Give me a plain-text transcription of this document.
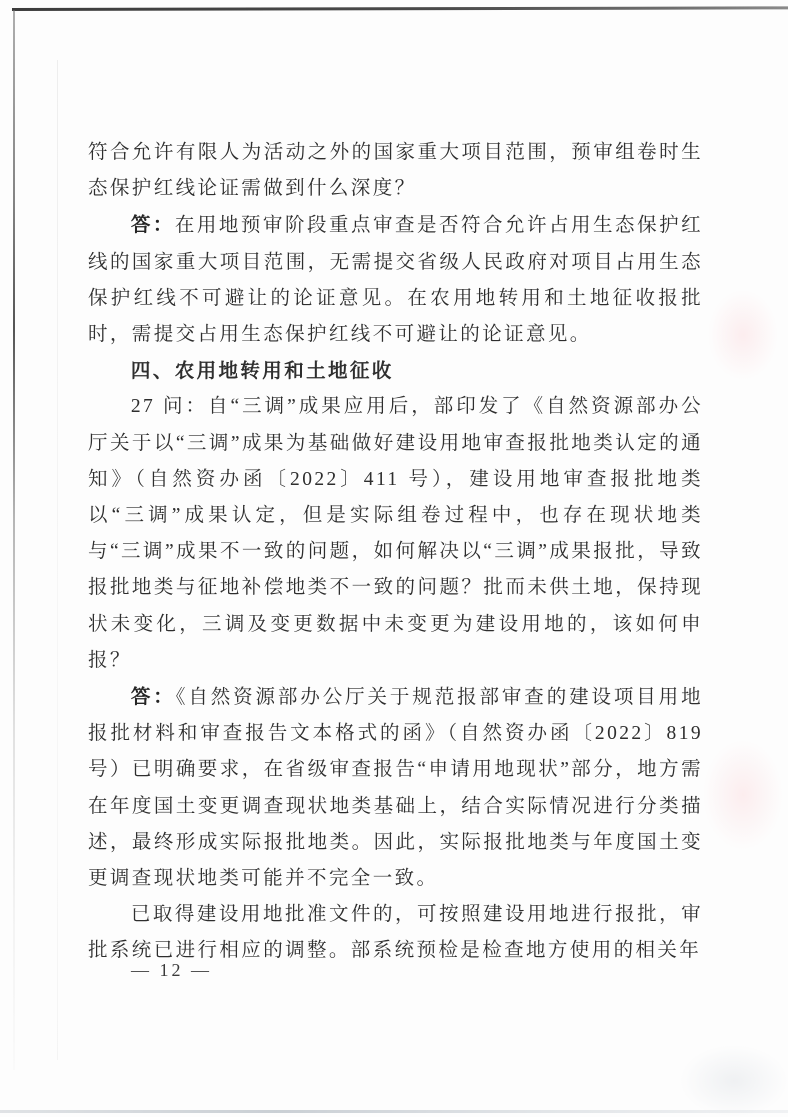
符合允许有限人为活动之外的国家重大项目范围，预审组卷时生态保护红线论证需做到什么深度？

答：在用地预审阶段重点审查是否符合允许占用生态保护红线的国家重大项目范围，无需提交省级人民政府对项目占用生态保护红线不可避让的论证意见。在农用地转用和土地征收报批时，需提交占用生态保护红线不可避让的论证意见。

四、农用地转用和土地征收

27 问：自“三调”成果应用后，部印发了《自然资源部办公厅关于以“三调”成果为基础做好建设用地审查报批地类认定的通知》（自然资办函〔2022〕411 号），建设用地审查报批地类以“三调”成果认定，但是实际组卷过程中，也存在现状地类与“三调”成果不一致的问题，如何解决以“三调”成果报批，导致报批地类与征地补偿地类不一致的问题？批而未供土地，保持现状未变化，三调及变更数据中未变更为建设用地的，该如何申报？

答：《自然资源部办公厅关于规范报部审查的建设项目用地报批材料和审查报告文本格式的函》（自然资办函〔2022〕819 号）已明确要求，在省级审查报告“申请用地现状”部分，地方需在年度国土变更调查现状地类基础上，结合实际情况进行分类描述，最终形成实际报批地类。因此，实际报批地类与年度国土变更调查现状地类可能并不完全一致。

已取得建设用地批准文件的，可按照建设用地进行报批，审批系统已进行相应的调整。部系统预检是检查地方使用的相关年

— 12 —
